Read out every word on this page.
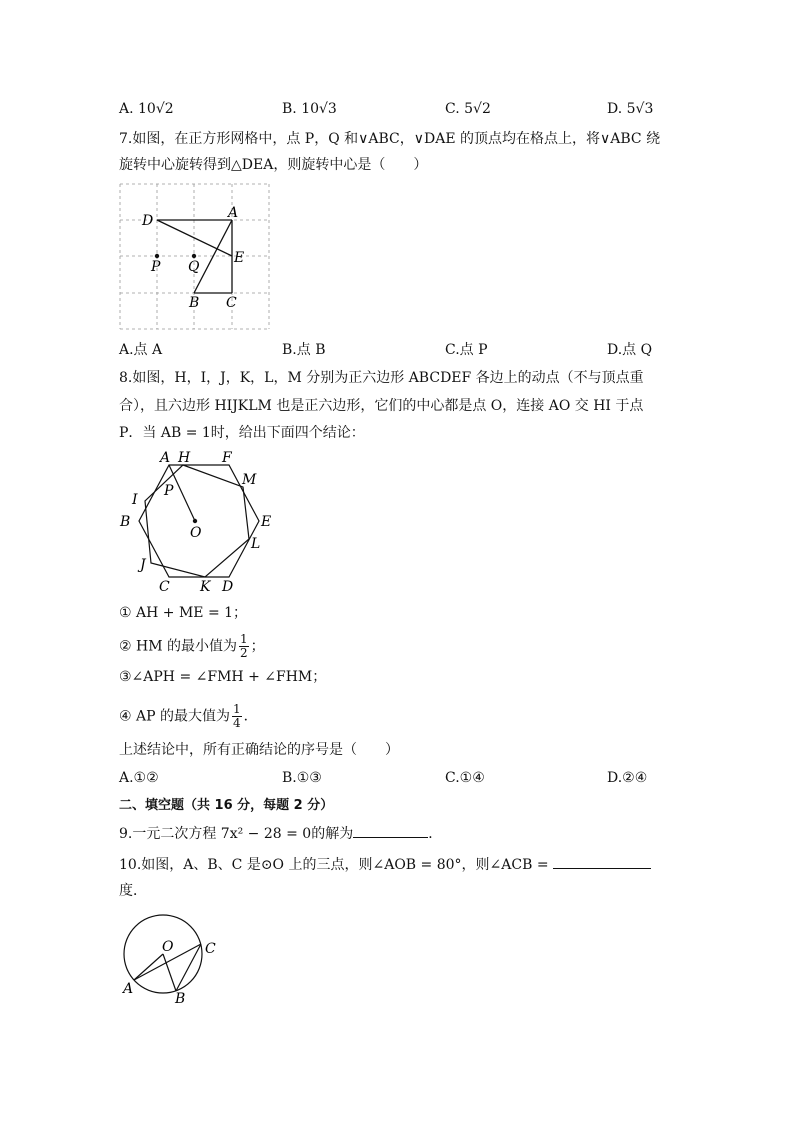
A. 10√2	B. 10√3	C. 5√2	D. 5√3
7.如图，在正方形网格中，点 P，Q 和∨ABC，∨DAE 的顶点均在格点上，将∨ABC 绕
旋转中心旋转得到△DEA，则旋转中心是（　　）
D	A
E
P Q
B C
A.点 A	B.点 B	C.点 P	D.点 Q
8.如图，H，I，J，K，L，M 分别为正六边形 ABCDEF 各边上的动点（不与顶点重
合），且六边形 HIJKLM 也是正六边形，它们的中心都是点 O，连接 AO 交 HI 于点
P．当 AB = 1时，给出下面四个结论：
A H F
M
I
P
B
O
E
L
J
C K D
① AH + ME = 1；
② HM 的最小值为 $\frac{1}{2}$ ；
③∠APH = ∠FMH + ∠FHM；
④ AP 的最大值为 $\frac{1}{4}$ ．
上述结论中，所有正确结论的序号是（　　）
A.①②	B.①③	C.①④	D.②④
二、填空题（共 16 分，每题 2 分）
9.一元二次方程 7x² − 28 = 0的解为	．
10.如图，A、B、C 是⊙O 上的三点，则∠AOB = 80°，则∠ACB =
度．
O C
A
B
